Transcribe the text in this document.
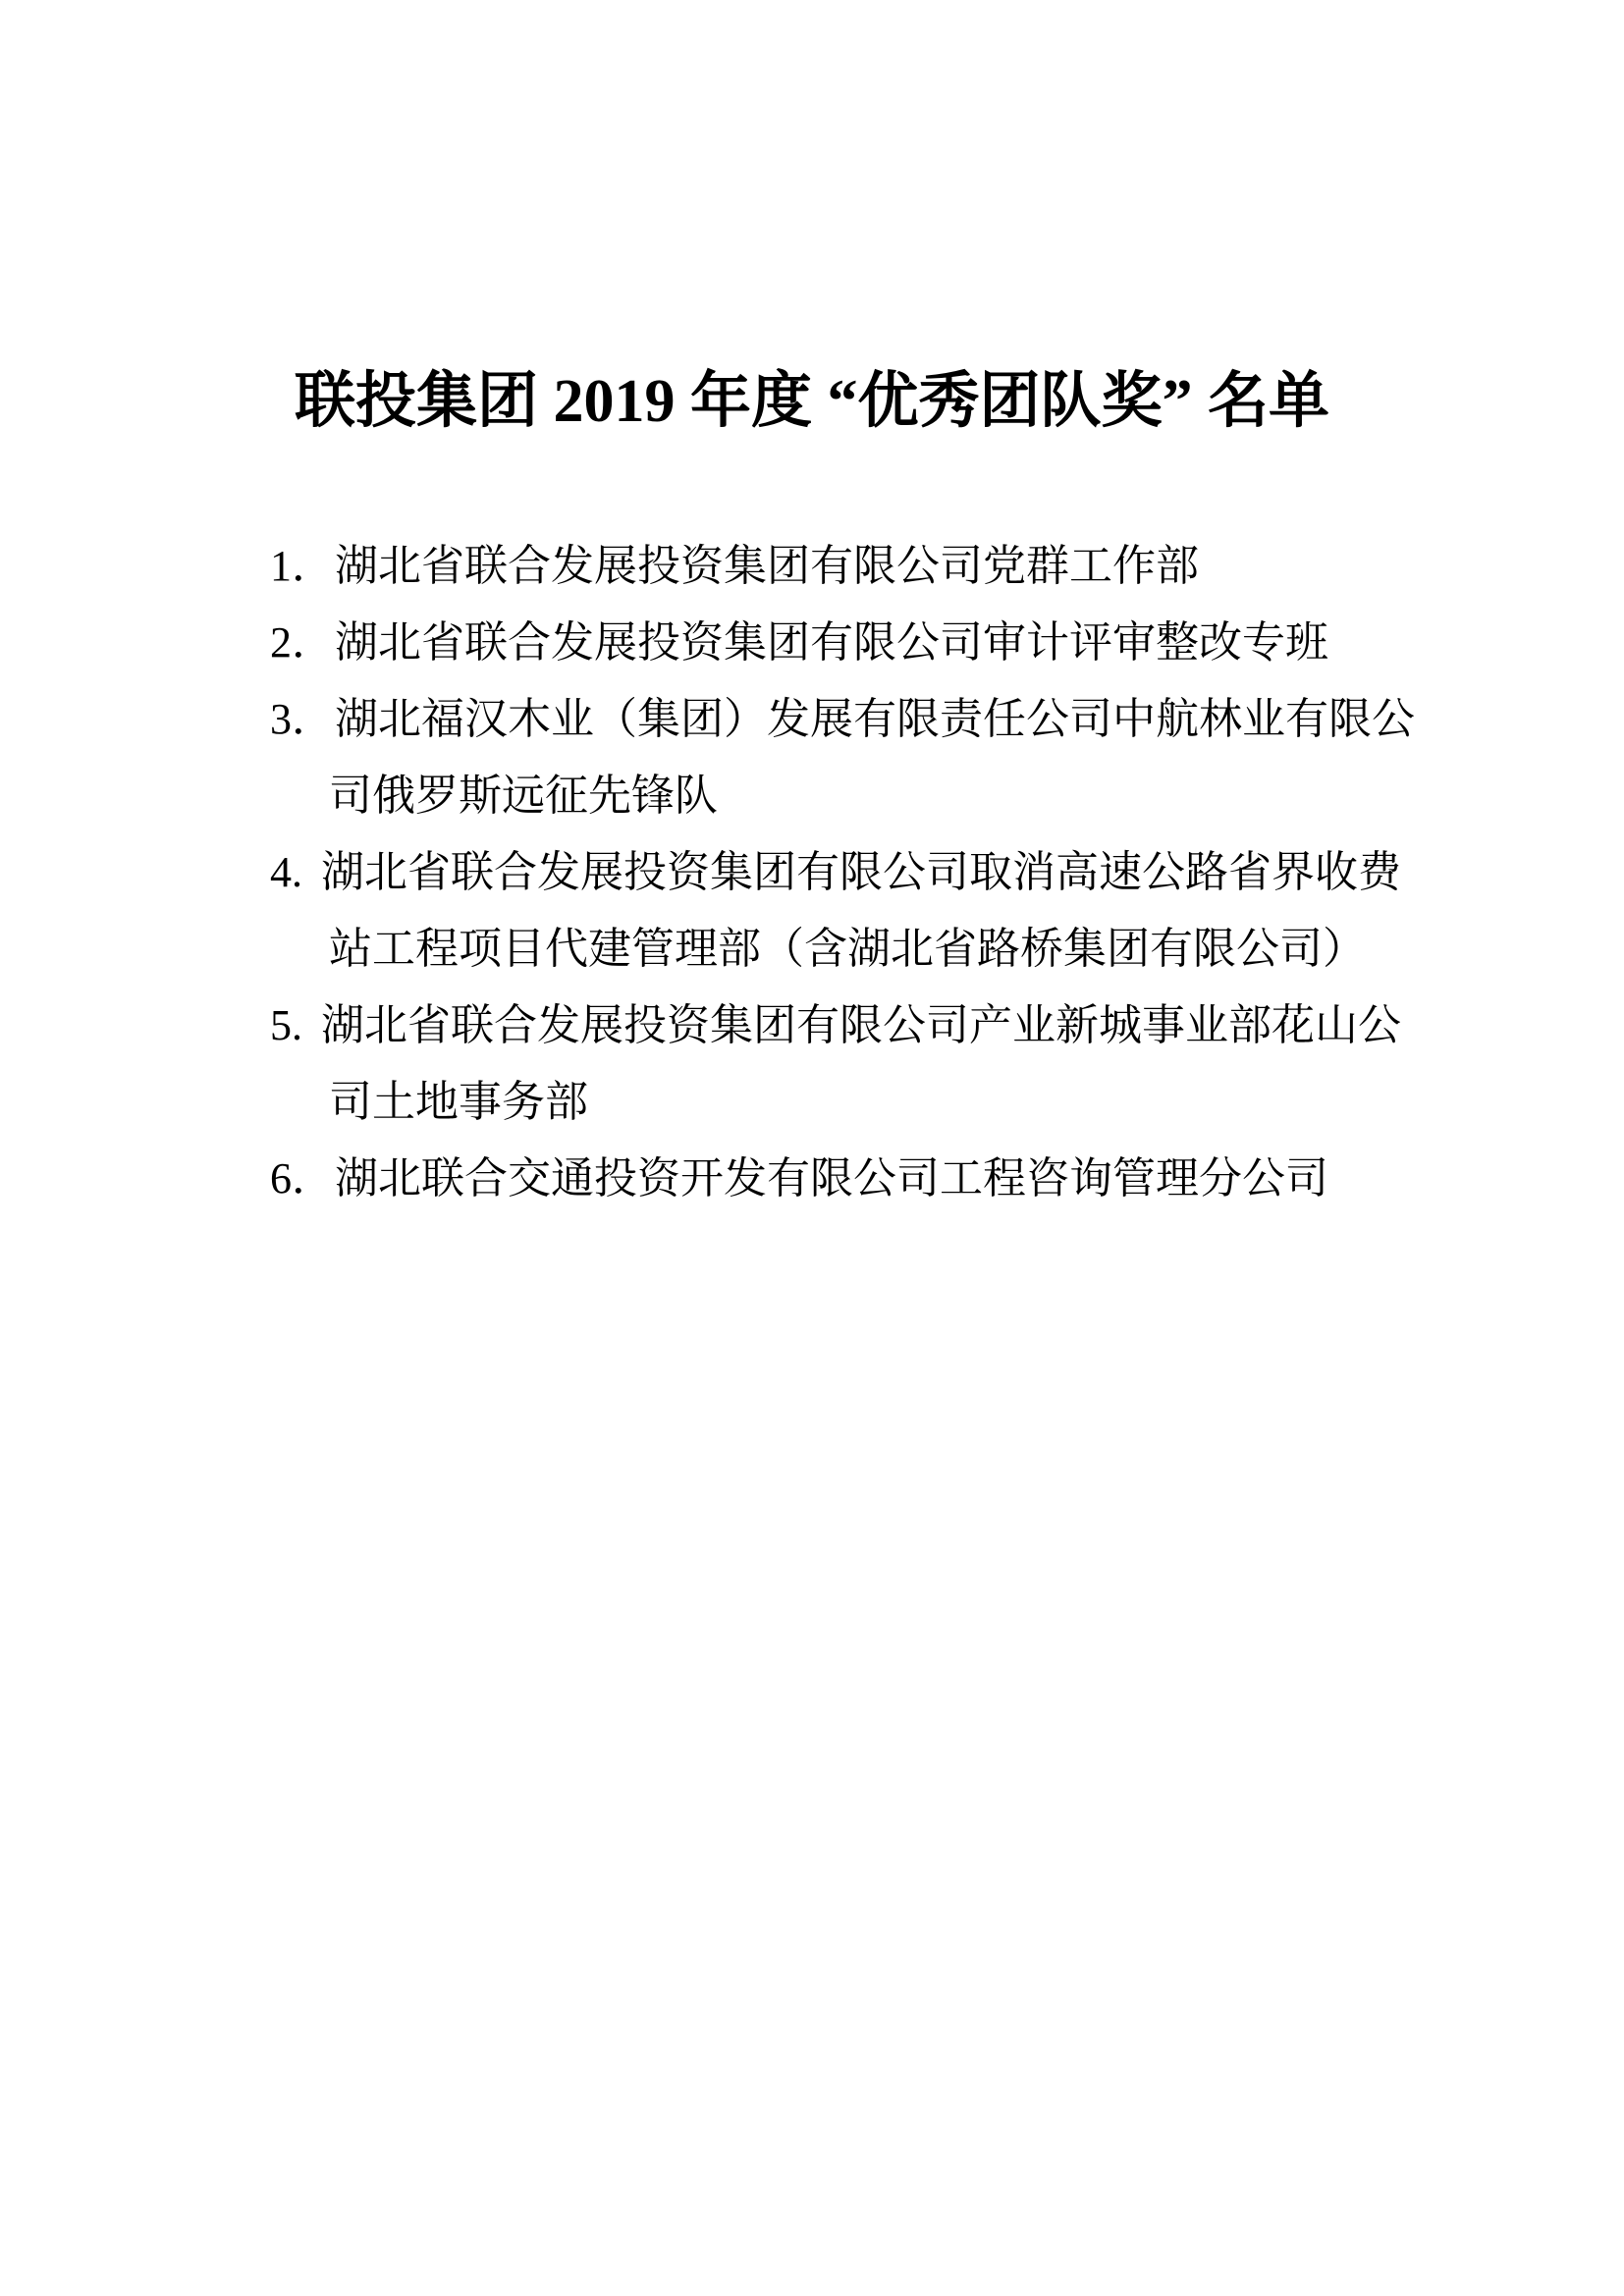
联投集团 2019 年度 “优秀团队奖” 名单
1． 湖北省联合发展投资集团有限公司党群工作部
2． 湖北省联合发展投资集团有限公司审计评审整改专班
3． 湖北福汉木业（集团）发展有限责任公司中航林业有限公
司俄罗斯远征先锋队
4. 湖北省联合发展投资集团有限公司取消高速公路省界收费
站工程项目代建管理部（含湖北省路桥集团有限公司）
5. 湖北省联合发展投资集团有限公司产业新城事业部花山公
司土地事务部
6． 湖北联合交通投资开发有限公司工程咨询管理分公司
